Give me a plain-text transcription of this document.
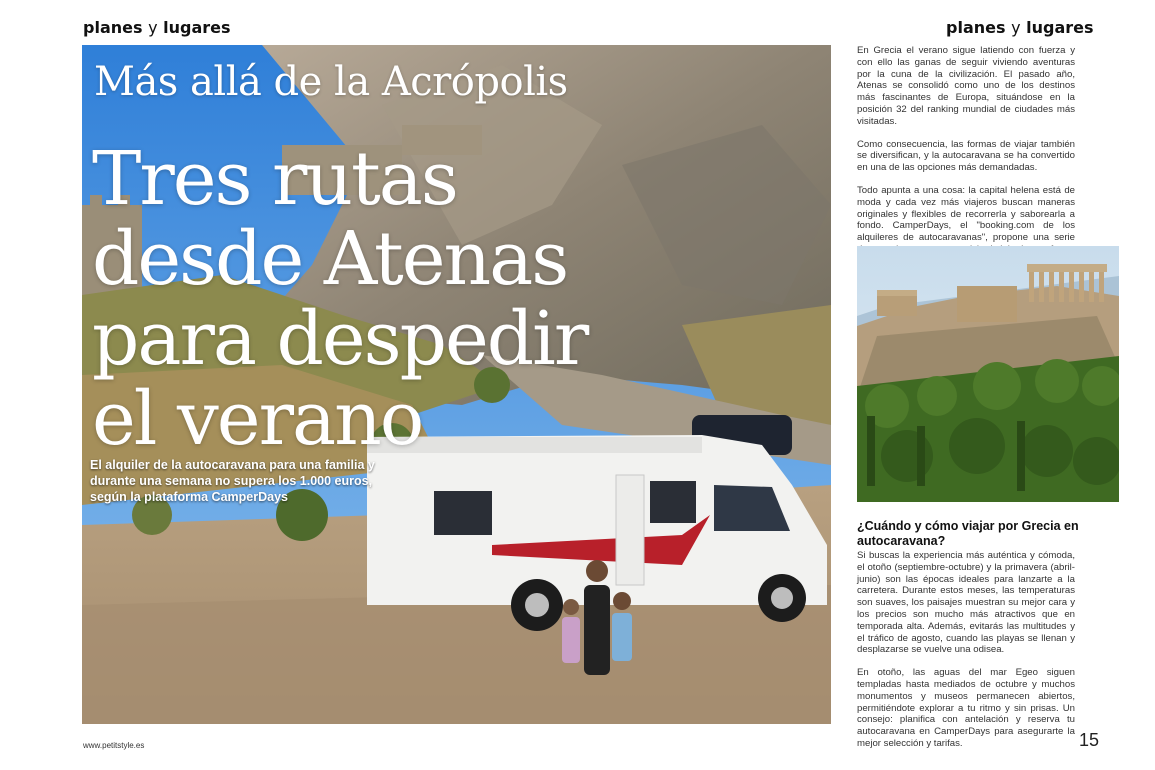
planes y lugares	planes y lugares
Más allá de la Acrópolis
Tres rutas
desde Atenas
para despedir
el verano
El alquiler de la autocaravana para una familia y durante una semana no supera los 1.000 euros, según la plataforma CamperDays

En Grecia el verano sigue latiendo con fuerza y con ello las ganas de seguir viviendo aventuras por la cuna de la civilización. El pasado año, Atenas se consolidó como uno de los destinos más fascinantes de Europa, situándose en la posición 32 del ranking mundial de ciudades más visitadas.

Como consecuencia, las formas de viajar también se diversifican, y la autocaravana se ha convertido en una de las opciones más demandadas.

Todo apunta a una cosa: la capital helena está de moda y cada vez más viajeros buscan maneras originales y flexibles de recorrerla y saborearla a fondo. CamperDays, el "booking.com de los alquileres de autocaravanas", propone una serie

¿Cuándo y cómo viajar por Grecia en autocaravana?

Si buscas la experiencia más auténtica y cómoda, el otoño (septiembre-octubre) y la primavera (abril-junio) son las épocas ideales para lanzarte a la carretera. Durante estos meses, las temperaturas son suaves, los paisajes muestran su mejor cara y los precios son mucho más atractivos que en temporada alta. Además, evitarás las multitudes y el tráfico de agosto, cuando las playas se llenan y desplazarse se vuelve una odisea.

En otoño, las aguas del mar Egeo siguen templadas hasta mediados de octubre y muchos monumentos y museos permanecen abiertos, permitiéndote explorar a tu ritmo y sin prisas. Un consejo: planifica con antelación y reserva tu autocaravana en CamperDays para asegurarte la mejor selección y tarifas.

www.petitstyle.es	15
